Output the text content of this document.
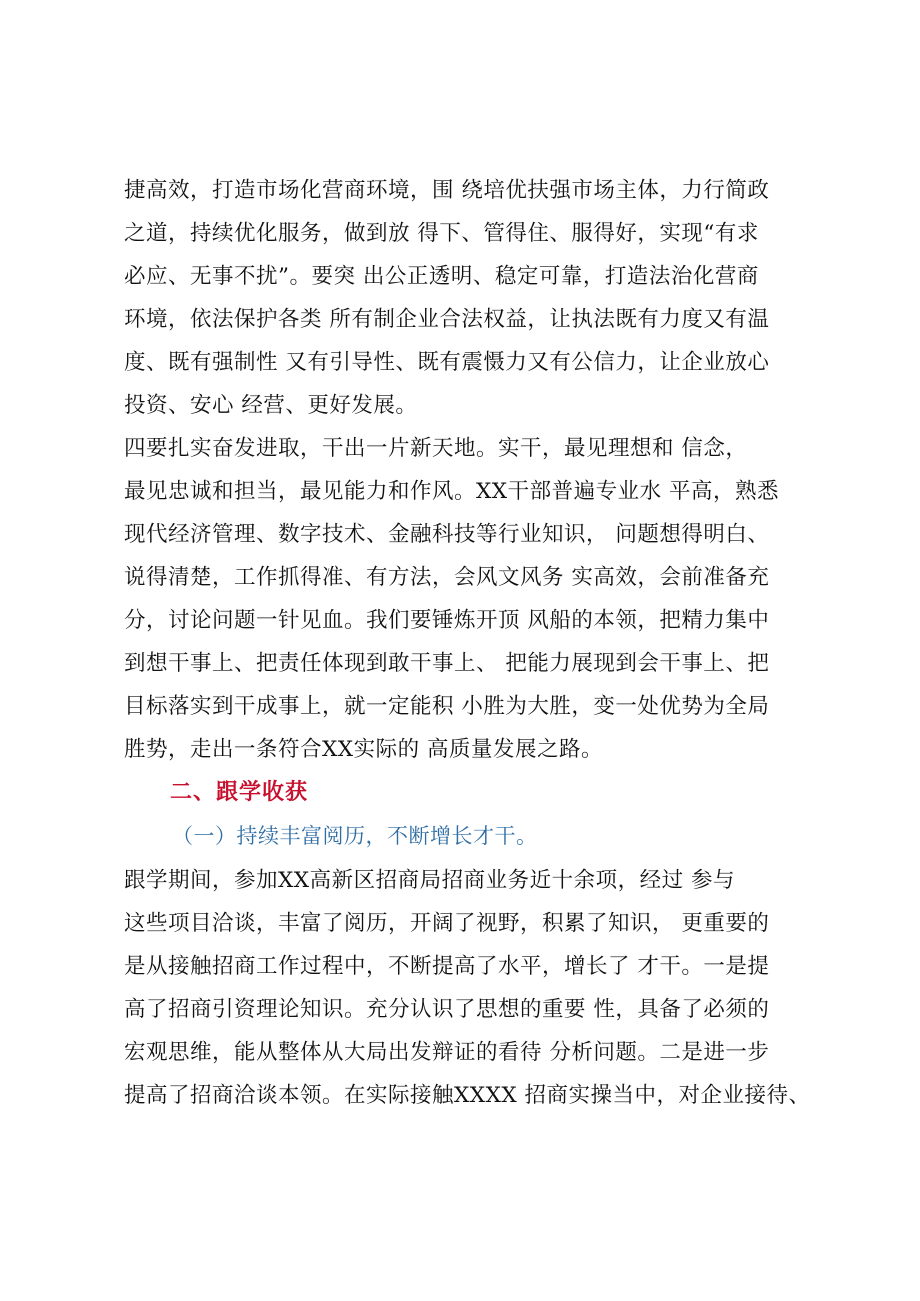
捷高效，打造市场化营商环境，围 绕培优扶强市场主体，力行简政
之道，持续优化服务，做到放 得下、管得住、服得好，实现“有求
必应、无事不扰”。要突 出公正透明、稳定可靠，打造法治化营商
环境，依法保护各类 所有制企业合法权益，让执法既有力度又有温
度、既有强制性 又有引导性、既有震慑力又有公信力，让企业放心
投资、安心 经营、更好发展。
四要扎实奋发进取，干出一片新天地。实干，最见理想和 信念，
最见忠诚和担当，最见能力和作风。XX干部普遍专业水 平高，熟悉
现代经济管理、数字技术、金融科技等行业知识， 问题想得明白、
说得清楚，工作抓得准、有方法，会风文风务 实高效，会前准备充
分，讨论问题一针见血。我们要锤炼开顶 风船的本领，把精力集中
到想干事上、把责任体现到敢干事上、 把能力展现到会干事上、把
目标落实到干成事上，就一定能积 小胜为大胜，变一处优势为全局
胜势，走出一条符合XX实际的 高质量发展之路。
二、跟学收获
（一）持续丰富阅历，不断增长才干。
跟学期间，参加XX高新区招商局招商业务近十余项，经过 参与
这些项目洽谈，丰富了阅历，开阔了视野，积累了知识， 更重要的
是从接触招商工作过程中，不断提高了水平，增长了 才干。一是提
高了招商引资理论知识。充分认识了思想的重要 性，具备了必须的
宏观思维，能从整体从大局出发辩证的看待 分析问题。二是进一步
提高了招商洽谈本领。在实际接触XXXX 招商实操当中，对企业接待、
